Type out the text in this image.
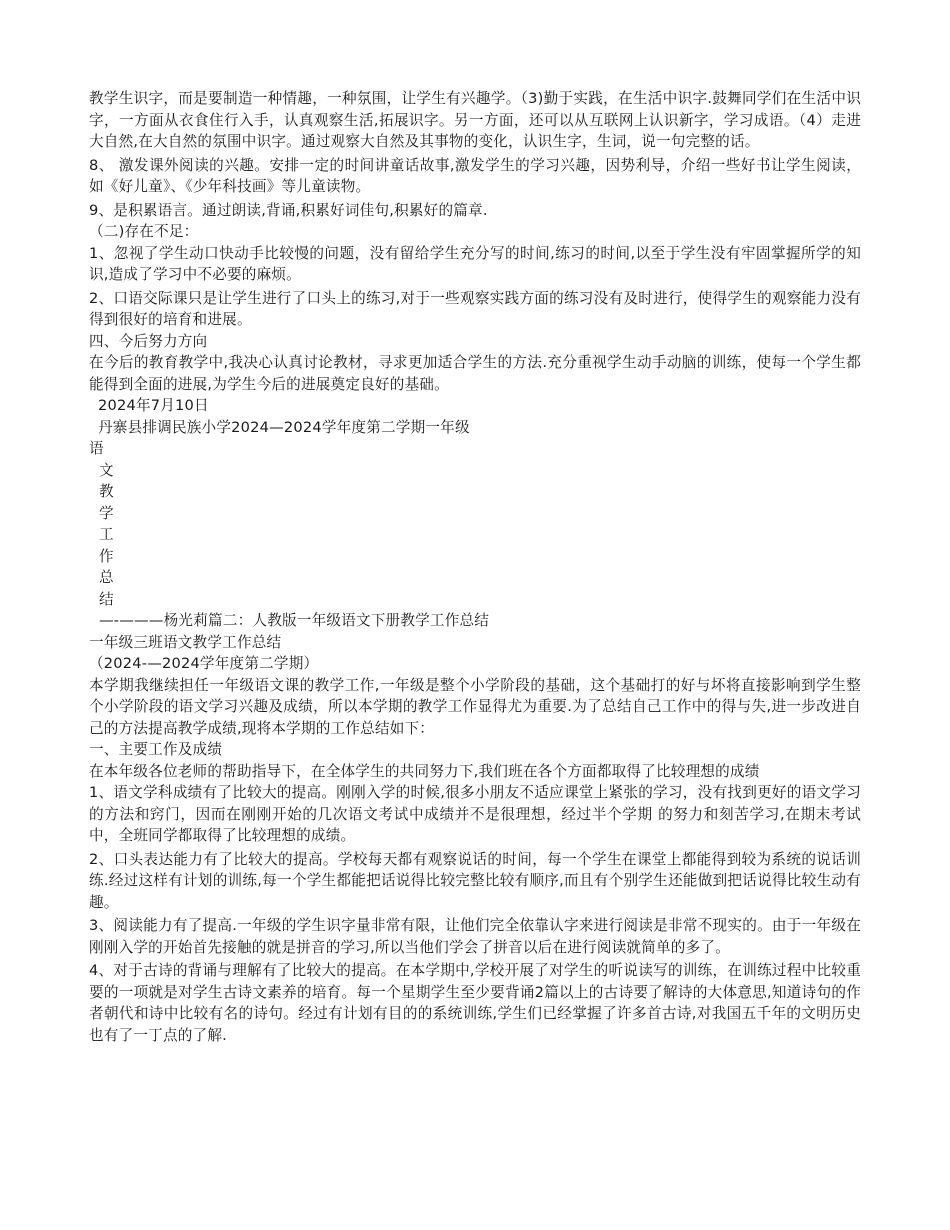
教学生识字，而是要制造一种情趣，一种氛围，让学生有兴趣学。（3)勤于实践，在生活中识字.鼓舞同学们在生活中识字，一方面从衣食住行入手，认真观察生活,拓展识字。另一方面，还可以从互联网上认识新字，学习成语。（4）走进大自然,在大自然的氛围中识字。通过观察大自然及其事物的变化，认识生字，生词，说一句完整的话。

8、 激发课外阅读的兴趣。安排一定的时间讲童话故事,激发学生的学习兴趣，因势利导，介绍一些好书让学生阅读，如《好儿童》、《少年科技画》等儿童读物。

9、是积累语言。通过朗读,背诵,积累好词佳句,积累好的篇章.

（二)存在不足：

1、忽视了学生动口快动手比较慢的问题，没有留给学生充分写的时间,练习的时间,以至于学生没有牢固掌握所学的知识,造成了学习中不必要的麻烦。

2、口语交际课只是让学生进行了口头上的练习,对于一些观察实践方面的练习没有及时进行，使得学生的观察能力没有得到很好的培育和进展。

四、今后努力方向

在今后的教育教学中,我决心认真讨论教材，寻求更加适合学生的方法.充分重视学生动手动脑的训练，使每一个学生都能得到全面的进展,为学生今后的进展奠定良好的基础。

2024年7月10日

丹寨县排调民族小学2024—2024学年度第二学期一年级

语
文
教
学
工
作
总
结

—-———杨光莉篇二：人教版一年级语文下册教学工作总结

一年级三班语文教学工作总结

（2024-—2024学年度第二学期）

本学期我继续担任一年级语文课的教学工作,一年级是整个小学阶段的基础，这个基础打的好与坏将直接影响到学生整个小学阶段的语文学习兴趣及成绩，所以本学期的教学工作显得尤为重要.为了总结自己工作中的得与失,进一步改进自己的方法提高教学成绩,现将本学期的工作总结如下：

一、主要工作及成绩

在本年级各位老师的帮助指导下，在全体学生的共同努力下,我们班在各个方面都取得了比较理想的成绩

1、语文学科成绩有了比较大的提高。刚刚入学的时候,很多小朋友不适应课堂上紧张的学习，没有找到更好的语文学习的方法和窍门，因而在刚刚开始的几次语文考试中成绩并不是很理想，经过半个学期 的努力和刻苦学习,在期末考试中，全班同学都取得了比较理想的成绩。

2、口头表达能力有了比较大的提高。学校每天都有观察说话的时间，每一个学生在课堂上都能得到较为系统的说话训练.经过这样有计划的训练,每一个学生都能把话说得比较完整比较有顺序,而且有个别学生还能做到把话说得比较生动有趣。

3、阅读能力有了提高.一年级的学生识字量非常有限，让他们完全依靠认字来进行阅读是非常不现实的。由于一年级在刚刚入学的开始首先接触的就是拼音的学习,所以当他们学会了拼音以后在进行阅读就简单的多了。

4、对于古诗的背诵与理解有了比较大的提高。在本学期中,学校开展了对学生的听说读写的训练，在训练过程中比较重要的一项就是对学生古诗文素养的培育。每一个星期学生至少要背诵2篇以上的古诗要了解诗的大体意思,知道诗句的作者朝代和诗中比较有名的诗句。经过有计划有目的的系统训练,学生们已经掌握了许多首古诗,对我国五千年的文明历史也有了一丁点的了解.
